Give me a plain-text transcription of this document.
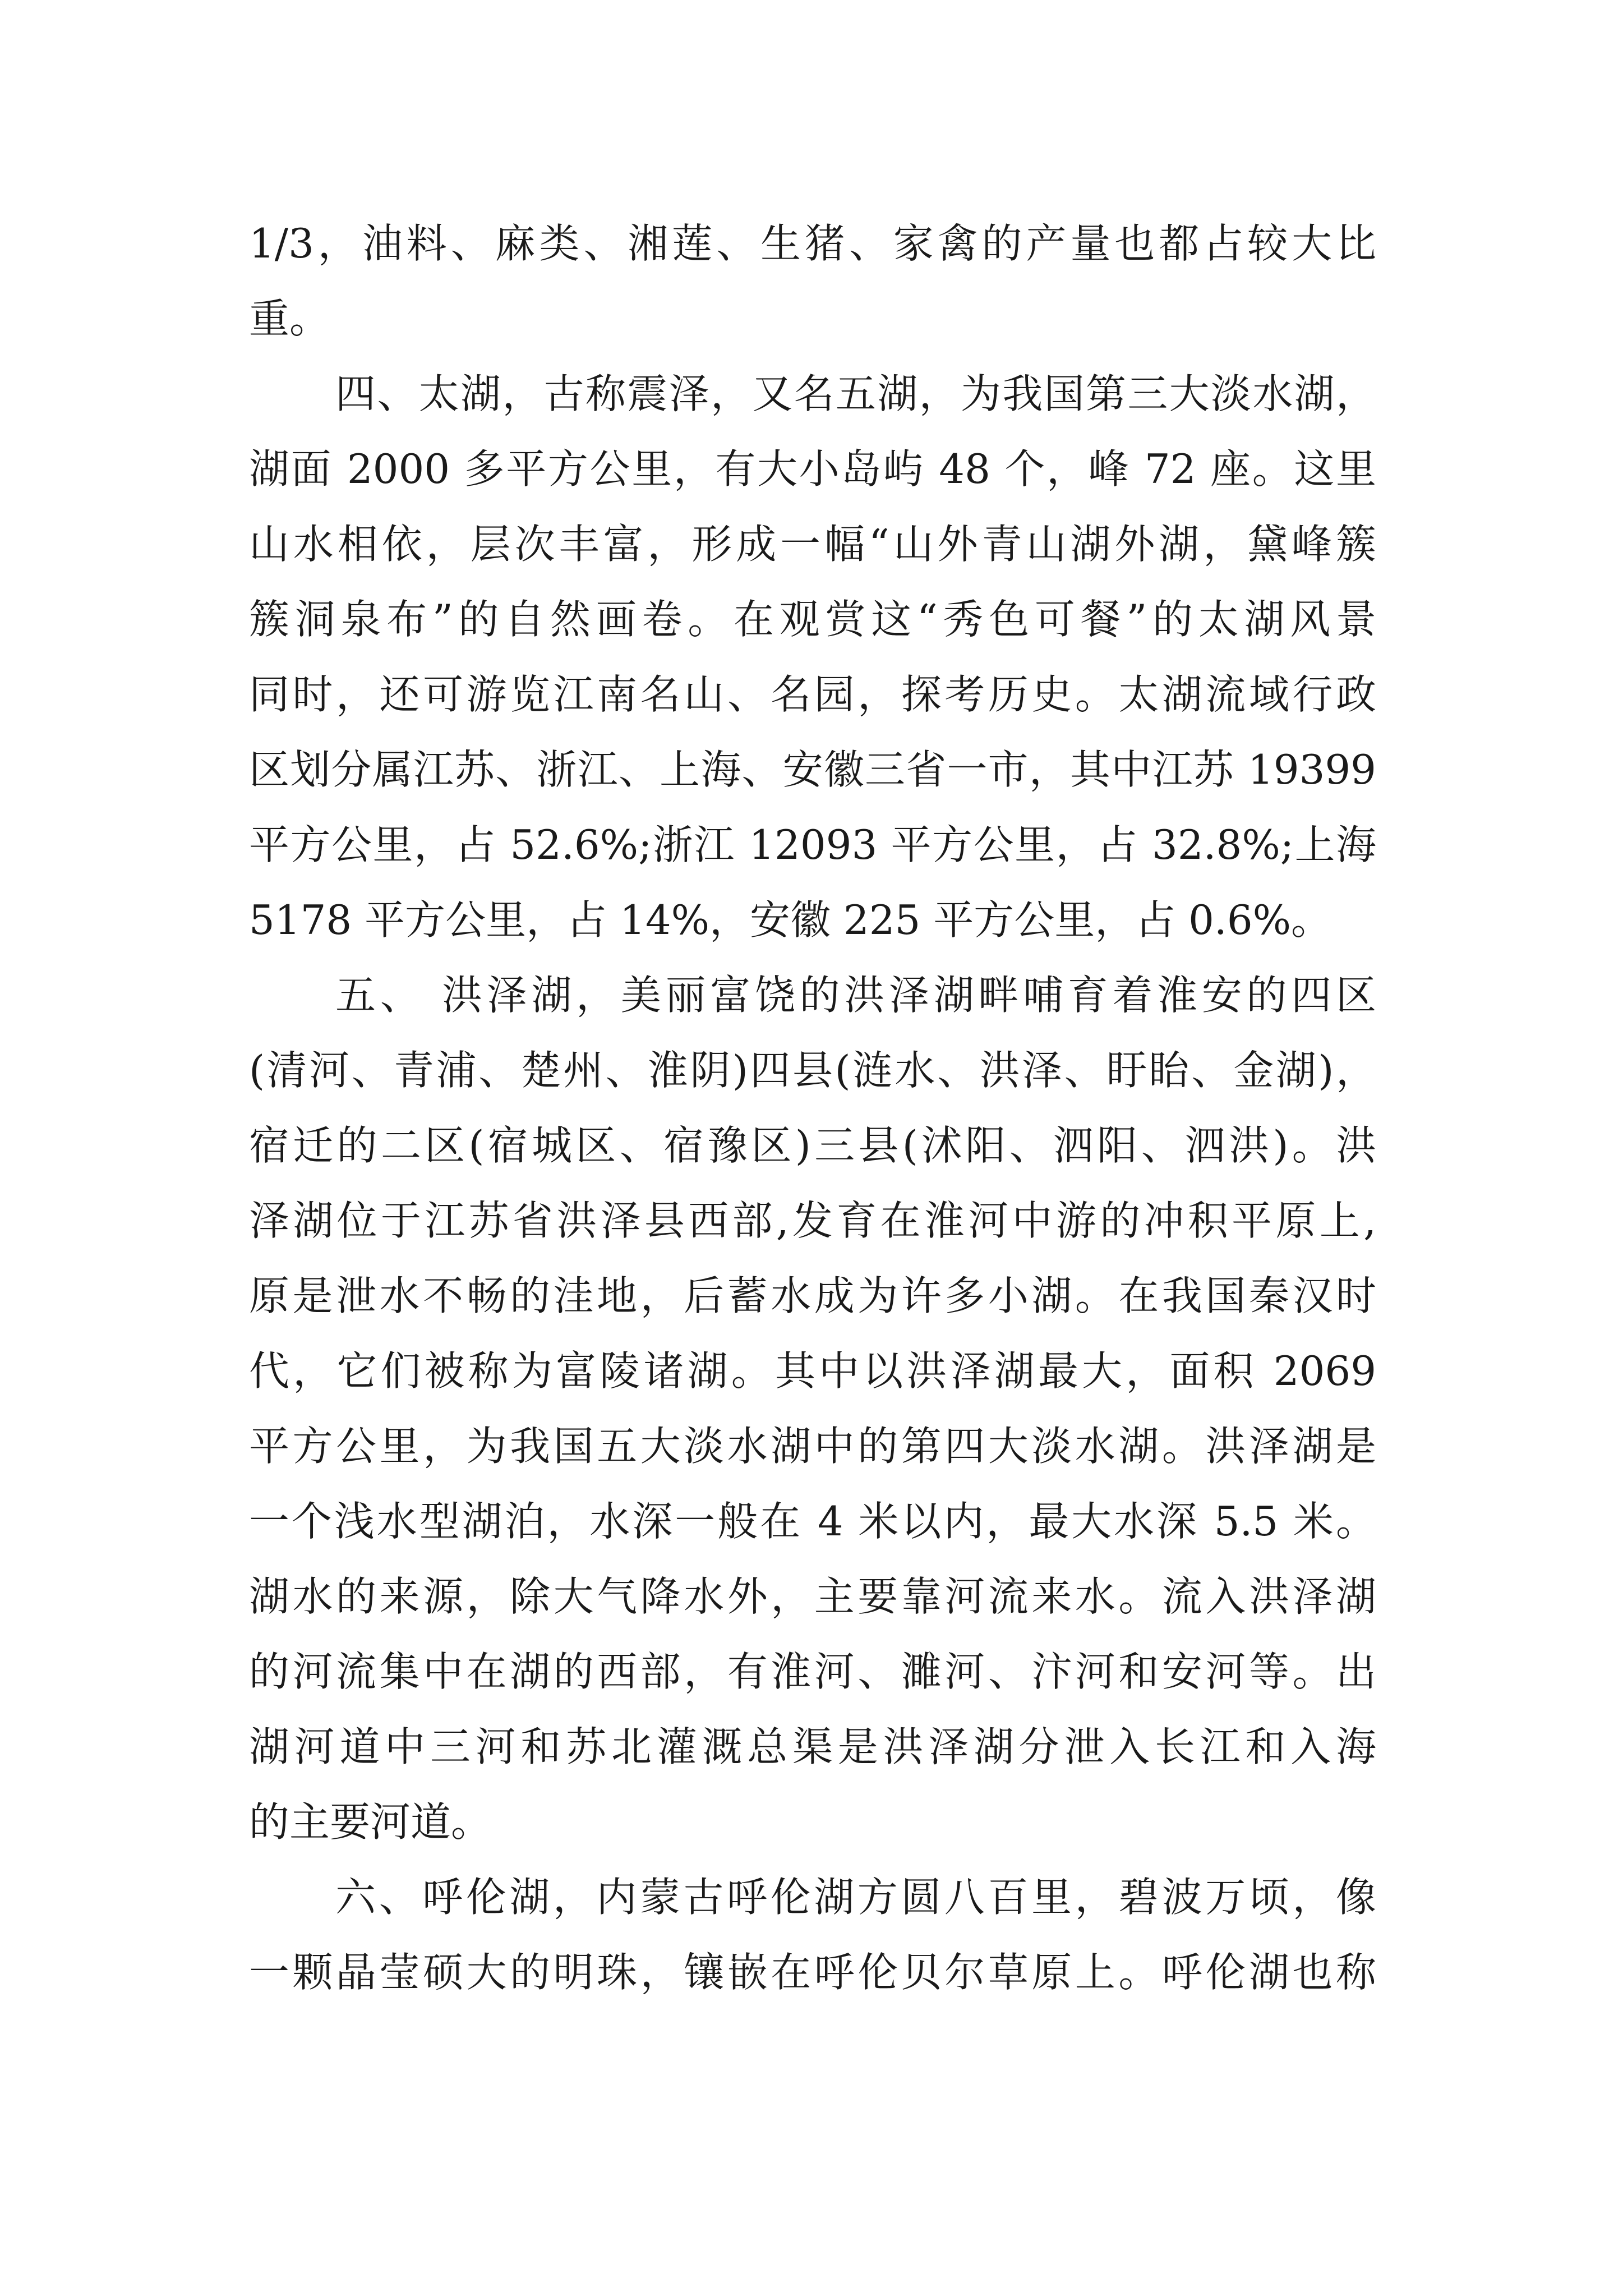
1/3，油料、麻类、湘莲、生猪、家禽的产量也都占较大比
重。
四、太湖，古称震泽，又名五湖，为我国第三大淡水湖，
湖面 2000 多平方公里，有大小岛屿 48 个，峰 72 座。这里
山水相依，层次丰富，形成一幅“山外青山湖外湖，黛峰簇
簇洞泉布”的自然画卷。在观赏这“秀色可餐”的太湖风景
同时，还可游览江南名山、名园，探考历史。太湖流域行政
区划分属江苏、浙江、上海、安徽三省一市，其中江苏 19399
平方公里，占 52.6%;浙江 12093 平方公里，占 32.8%;上海
5178 平方公里，占 14%，安徽 225 平方公里，占 0.6%。
五、 洪泽湖，美丽富饶的洪泽湖畔哺育着淮安的四区
(清河、青浦、楚州、淮阴)四县(涟水、洪泽、盱眙、金湖)，
宿迁的二区(宿城区、宿豫区)三县(沭阳、泗阳、泗洪)。洪
泽湖位于江苏省洪泽县西部,发育在淮河中游的冲积平原上,
原是泄水不畅的洼地，后蓄水成为许多小湖。在我国秦汉时
代，它们被称为富陵诸湖。其中以洪泽湖最大，面积 2069
平方公里，为我国五大淡水湖中的第四大淡水湖。洪泽湖是
一个浅水型湖泊，水深一般在 4 米以内，最大水深 5.5 米。
湖水的来源，除大气降水外，主要靠河流来水。流入洪泽湖
的河流集中在湖的西部，有淮河、濉河、汴河和安河等。出
湖河道中三河和苏北灌溉总渠是洪泽湖分泄入长江和入海
的主要河道。
六、呼伦湖，内蒙古呼伦湖方圆八百里，碧波万顷，像
一颗晶莹硕大的明珠，镶嵌在呼伦贝尔草原上。呼伦湖也称
